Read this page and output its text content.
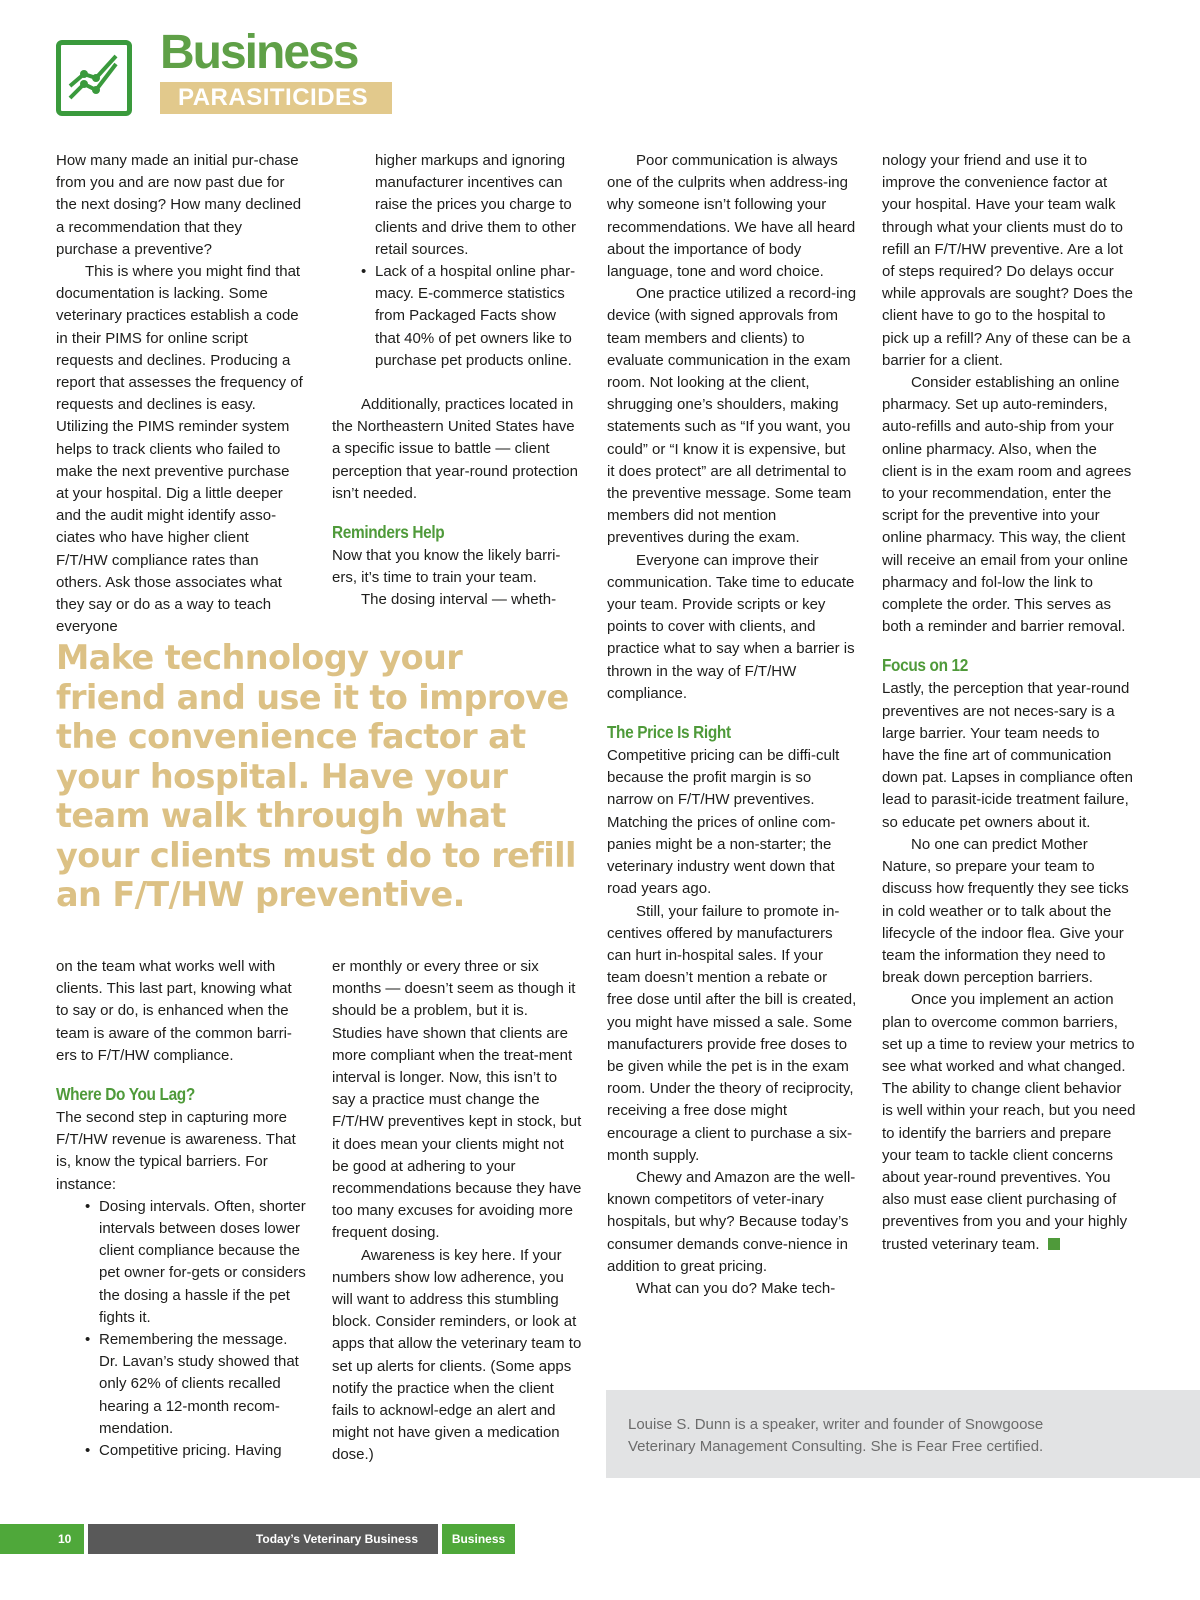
Business
PARASITICIDES

How many made an initial pur-chase from you and are now past due for the next dosing? How many declined a recommendation that they purchase a preventive?

This is where you might find that documentation is lacking. Some veterinary practices establish a code in their PIMS for online script requests and declines. Producing a report that assesses the frequency of requests and declines is easy. Utilizing the PIMS reminder system helps to track clients who failed to make the next preventive purchase at your hospital. Dig a little deeper and the audit might identify asso-ciates who have higher client F/T/HW compliance rates than others. Ask those associates what they say or do as a way to teach everyone

higher markups and ignoring manufacturer incentives can raise the prices you charge to clients and drive them to other retail sources.

• Lack of a hospital online phar-macy. E-commerce statistics from Packaged Facts show that 40% of pet owners like to purchase pet products online.

Additionally, practices located in the Northeastern United States have a specific issue to battle — client perception that year-round protection isn’t needed.

Reminders Help

Now that you know the likely barri-ers, it’s time to train your team.

The dosing interval — wheth-

Make technology your friend and use it to improve the convenience factor at your hospital. Have your team walk through what your clients must do to refill an F/T/HW preventive.

on the team what works well with clients. This last part, knowing what to say or do, is enhanced when the team is aware of the common barri-ers to F/T/HW compliance.

Where Do You Lag?

The second step in capturing more F/T/HW revenue is awareness. That is, know the typical barriers. For instance:

• Dosing intervals. Often, shorter intervals between doses lower client compliance because the pet owner for-gets or considers the dosing a hassle if the pet fights it.
• Remembering the message. Dr. Lavan’s study showed that only 62% of clients recalled hearing a 12-month recom-mendation.
• Competitive pricing. Having

er monthly or every three or six months — doesn’t seem as though it should be a problem, but it is. Studies have shown that clients are more compliant when the treat-ment interval is longer. Now, this isn’t to say a practice must change the F/T/HW preventives kept in stock, but it does mean your clients might not be good at adhering to your recommendations because they have too many excuses for avoiding more frequent dosing.

Awareness is key here. If your numbers show low adherence, you will want to address this stumbling block. Consider reminders, or look at apps that allow the veterinary team to set up alerts for clients. (Some apps notify the practice when the client fails to acknowl-edge an alert and might not have given a medication dose.)

Poor communication is always one of the culprits when address-ing why someone isn’t following your recommendations. We have all heard about the importance of body language, tone and word choice.

One practice utilized a record-ing device (with signed approvals from team members and clients) to evaluate communication in the exam room. Not looking at the client, shrugging one’s shoulders, making statements such as “If you want, you could” or “I know it is expensive, but it does protect” are all detrimental to the preventive message. Some team members did not mention preventives during the exam.

Everyone can improve their communication. Take time to educate your team. Provide scripts or key points to cover with clients, and practice what to say when a barrier is thrown in the way of F/T/HW compliance.

The Price Is Right

Competitive pricing can be diffi-cult because the profit margin is so narrow on F/T/HW preventives. Matching the prices of online com-panies might be a non-starter; the veterinary industry went down that road years ago.

Still, your failure to promote in-centives offered by manufacturers can hurt in-hospital sales. If your team doesn’t mention a rebate or free dose until after the bill is created, you might have missed a sale. Some manufacturers provide free doses to be given while the pet is in the exam room. Under the theory of reciprocity, receiving a free dose might encourage a client to purchase a six-month supply.

Chewy and Amazon are the well-known competitors of veter-inary hospitals, but why? Because today’s consumer demands conve-nience in addition to great pricing.

What can you do? Make tech-

nology your friend and use it to improve the convenience factor at your hospital. Have your team walk through what your clients must do to refill an F/T/HW preventive. Are a lot of steps required? Do delays occur while approvals are sought? Does the client have to go to the hospital to pick up a refill? Any of these can be a barrier for a client.

Consider establishing an online pharmacy. Set up auto-reminders, auto-refills and auto-ship from your online pharmacy. Also, when the client is in the exam room and agrees to your recommendation, enter the script for the preventive into your online pharmacy. This way, the client will receive an email from your online pharmacy and fol-low the link to complete the order. This serves as both a reminder and barrier removal.

Focus on 12

Lastly, the perception that year-round preventives are not neces-sary is a large barrier. Your team needs to have the fine art of communication down pat. Lapses in compliance often lead to parasit-icide treatment failure, so educate pet owners about it.

No one can predict Mother Nature, so prepare your team to discuss how frequently they see ticks in cold weather or to talk about the lifecycle of the indoor flea. Give your team the information they need to break down perception barriers.

Once you implement an action plan to overcome common barriers, set up a time to review your metrics to see what worked and what changed. The ability to change client behavior is well within your reach, but you need to identify the barriers and prepare your team to tackle client concerns about year-round preventives. You also must ease client purchasing of preventives from you and your highly trusted veterinary team.

Louise S. Dunn is a speaker, writer and founder of Snowgoose Veterinary Management Consulting. She is Fear Free certified.

10	Today’s Veterinary Business	Business
